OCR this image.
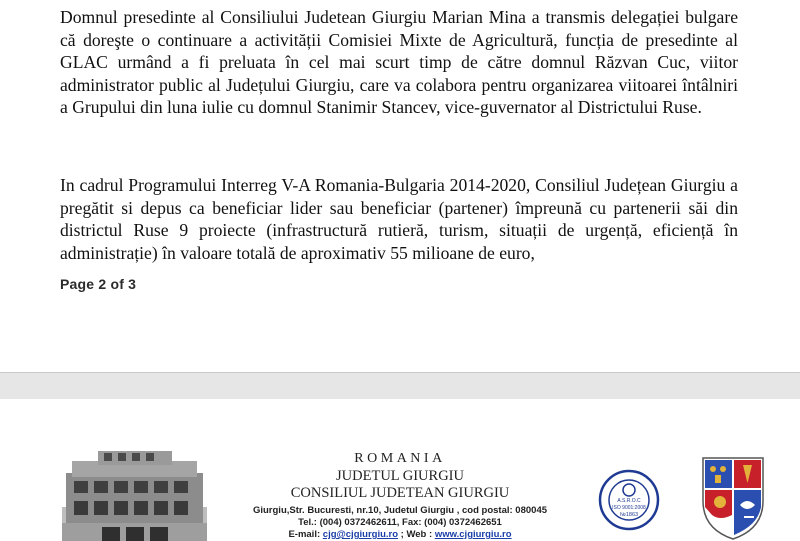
Domnul presedinte al Consiliului Judetean Giurgiu Marian Mina a transmis delegației bulgare că doreşte o continuare a activității Comisiei Mixte de Agricultură, funcția de presedinte al GLAC urmând a fi preluata în cel mai scurt timp de către domnul Răzvan Cuc, viitor administrator public al Județului Giurgiu, care va colabora pentru organizarea viitoarei întâlniri a Grupului din luna iulie cu domnul Stanimir Stancev, vice-guvernator al Districtului Ruse.

In cadrul Programului Interreg V-A Romania-Bulgaria 2014-2020, Consiliul Județean Giurgiu a pregătit si depus ca beneficiar lider sau beneficiar (partener) împreună cu partenerii săi din districtul Ruse 9 proiecte (infrastructură rutieră, turism, situații de urgență, eficiență în administrație) în valoare totală de aproximativ 55 milioane de euro,

Page 2 of 3
ROMANIA
JUDETUL GIURGIU
CONSILIUL JUDETEAN GIURGIU
Giurgiu,Str. Bucuresti, nr.10, Judetul Giurgiu , cod postal: 080045
Tel.: (004) 0372462611, Fax: (004) 0372462651
E-mail: cjg@cjgiurgiu.ro ; Web : www.cjgiurgiu.ro
A.S.R.O.C
ISO 9001:2008
№1863
